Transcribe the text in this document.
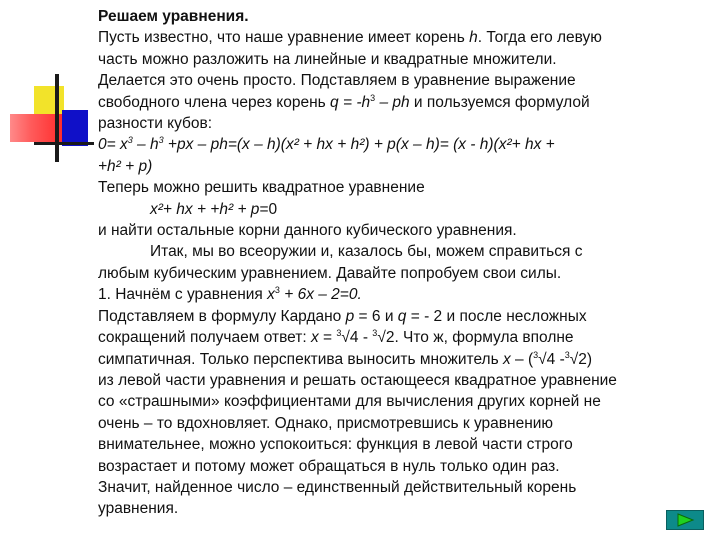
Решаем уравнения.
Пусть известно, что наше уравнение имеет корень h. Тогда его левую
часть можно разложить на линейные и квадратные множители.
Делается это очень просто. Подставляем в уравнение выражение
свободного члена через корень $q = -h^3$ – ph и пользуемся формулой
разности кубов:
$0= x^3 - h^3 +px - ph=(x - h)(x^2$ + hx + h²) + p(x – h)= (x - h)(x²+ hx +
+h² + p)
Теперь можно решить квадратное уравнение
x²+ hx + +h² + p=0
и найти остальные корни данного кубического уравнения.
Итак, мы во всеоружии и, казалось бы, можем справиться с
любым кубическим уравнением. Давайте попробуем свои силы.
1. Начнём с уравнения $x^3 + 6x - 2=0$.
Подставляем в формулу Кардано p = 6 и q = - 2 и после несложных
сокращений получаем ответ: x = $^3$√4 - $^3$√2. Что ж, формула вполне
симпатичная. Только перспектива выносить множитель x – ($^3$√4 -$^3$√2)
из левой части уравнения и решать остающееся квадратное уравнение
со «страшными» коэффициентами для вычисления других корней не
очень – то вдохновляет. Однако, присмотревшись к уравнению
внимательнее, можно успокоиться: функция в левой части строго
возрастает и потому может обращаться в нуль только один раз.
Значит, найденное число – единственный действительный корень
уравнения.
